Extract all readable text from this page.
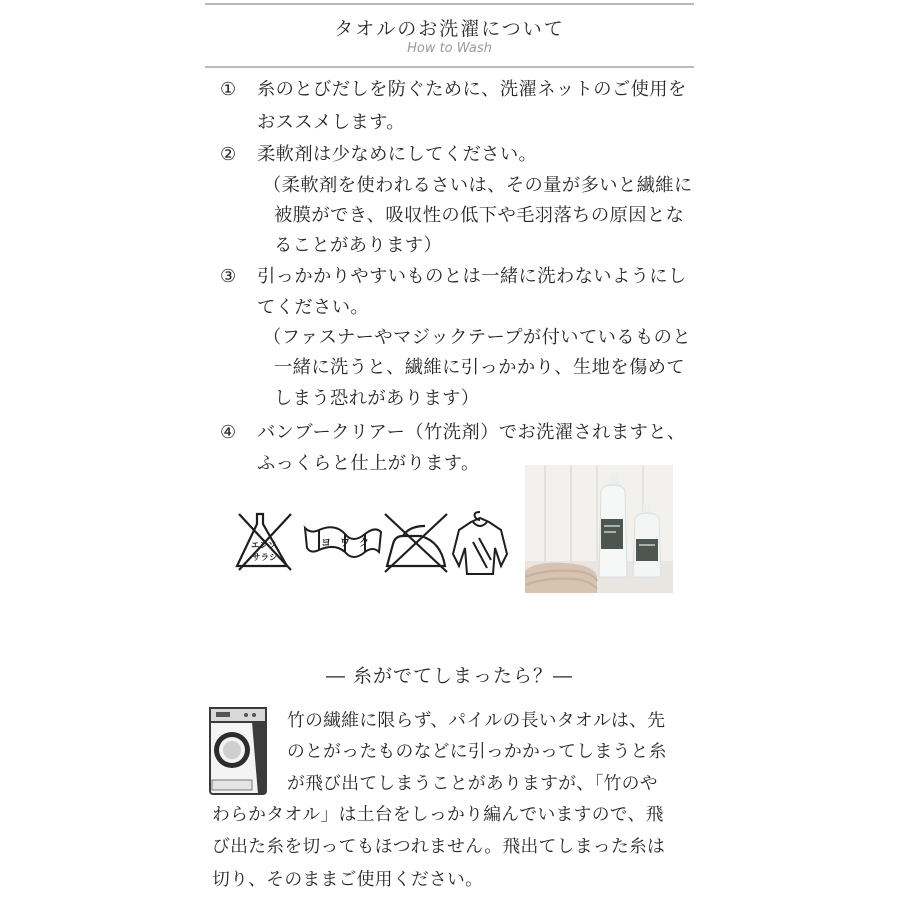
タオルのお洗濯について
How to Wash
① 糸のとびだしを防ぐために、洗濯ネットのご使用を
おススメします。
② 柔軟剤は少なめにしてください。
（柔軟剤を使われるさいは、その量が多いと繊維に
被膜ができ、吸収性の低下や毛羽落ちの原因とな
ることがあります）
③ 引っかかりやすいものとは一緒に洗わないようにし
てください。
（ファスナーやマジックテープが付いているものと
一緒に洗うと、繊維に引っかかり、生地を傷めて
しまう恐れがあります）
④ バンブークリアー（竹洗剤）でお洗濯されますと、
ふっくらと仕上がります。
エンソ
サラシ
ヨワク
― 糸がでてしまったら？―
竹の繊維に限らず、パイルの長いタオルは、先
のとがったものなどに引っかかってしまうと糸
が飛び出てしまうことがありますが、「竹のや
わらかタオル」は土台をしっかり編んでいますので、飛
び出た糸を切ってもほつれません。飛出てしまった糸は
切り、そのままご使用ください。
